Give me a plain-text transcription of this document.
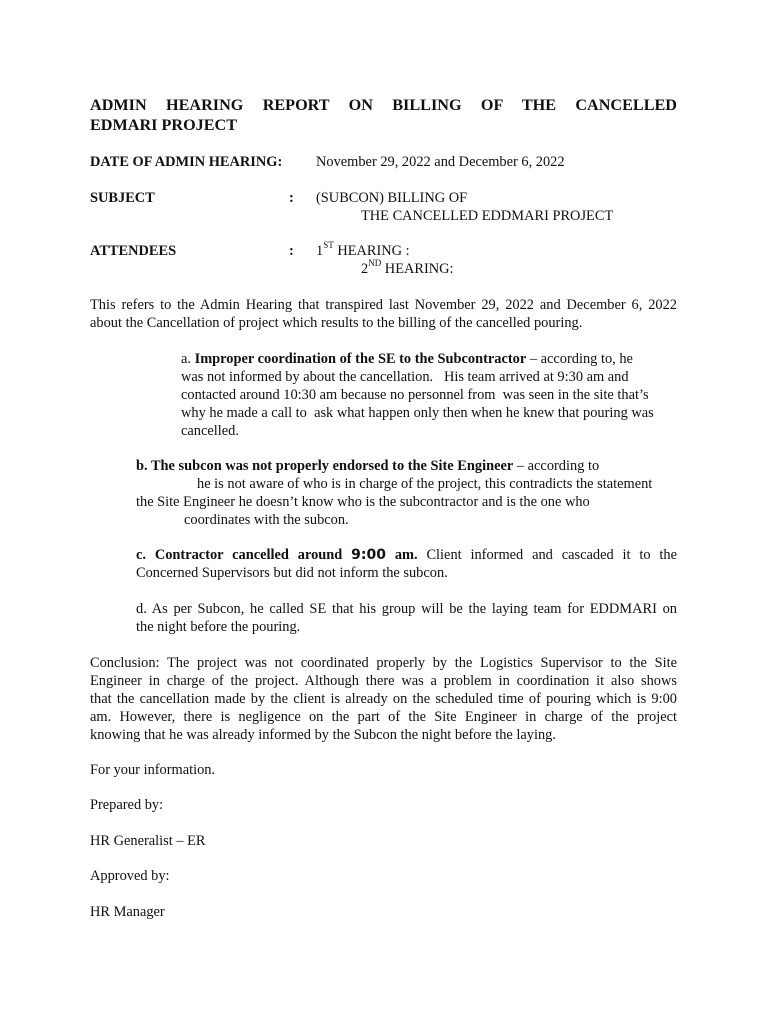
ADMIN HEARING REPORT ON BILLING OF THE CANCELLED
EDMARI PROJECT
DATE OF ADMIN HEARING: November 29, 2022 and December 6, 2022
SUBJECT	: (SUBCON) BILLING OF
THE CANCELLED EDDMARI PROJECT
ATTENDEES	: 1ST HEARING :
2ND HEARING:
This refers to the Admin Hearing that transpired last November 29, 2022 and December 6, 2022
about the Cancellation of project which results to the billing of the cancelled pouring.
a. Improper coordination of the SE to the Subcontractor – according to, he
was not informed by about the cancellation.   His team arrived at 9:30 am and
contacted around 10:30 am because no personnel from  was seen in the site that’s
why he made a call to  ask what happen only then when he knew that pouring was
cancelled.
b. The subcon was not properly endorsed to the Site Engineer – according to
he is not aware of who is in charge of the project, this contradicts the statement
the Site Engineer he doesn’t know who is the subcontractor and is the one who
coordinates with the subcon.
c. Contractor cancelled around 9:00 am. Client informed and cascaded it to the
Concerned Supervisors but did not inform the subcon.
d. As per Subcon, he called SE that his group will be the laying team for EDDMARI on
the night before the pouring.
Conclusion: The project was not coordinated properly by the Logistics Supervisor to the Site
Engineer in charge of the project. Although there was a problem in coordination it also shows
that the cancellation made by the client is already on the scheduled time of pouring which is 9:00
am. However, there is negligence on the part of the Site Engineer in charge of the project
knowing that he was already informed by the Subcon the night before the laying.
For your information.
Prepared by:
HR Generalist – ER
Approved by:
HR Manager
